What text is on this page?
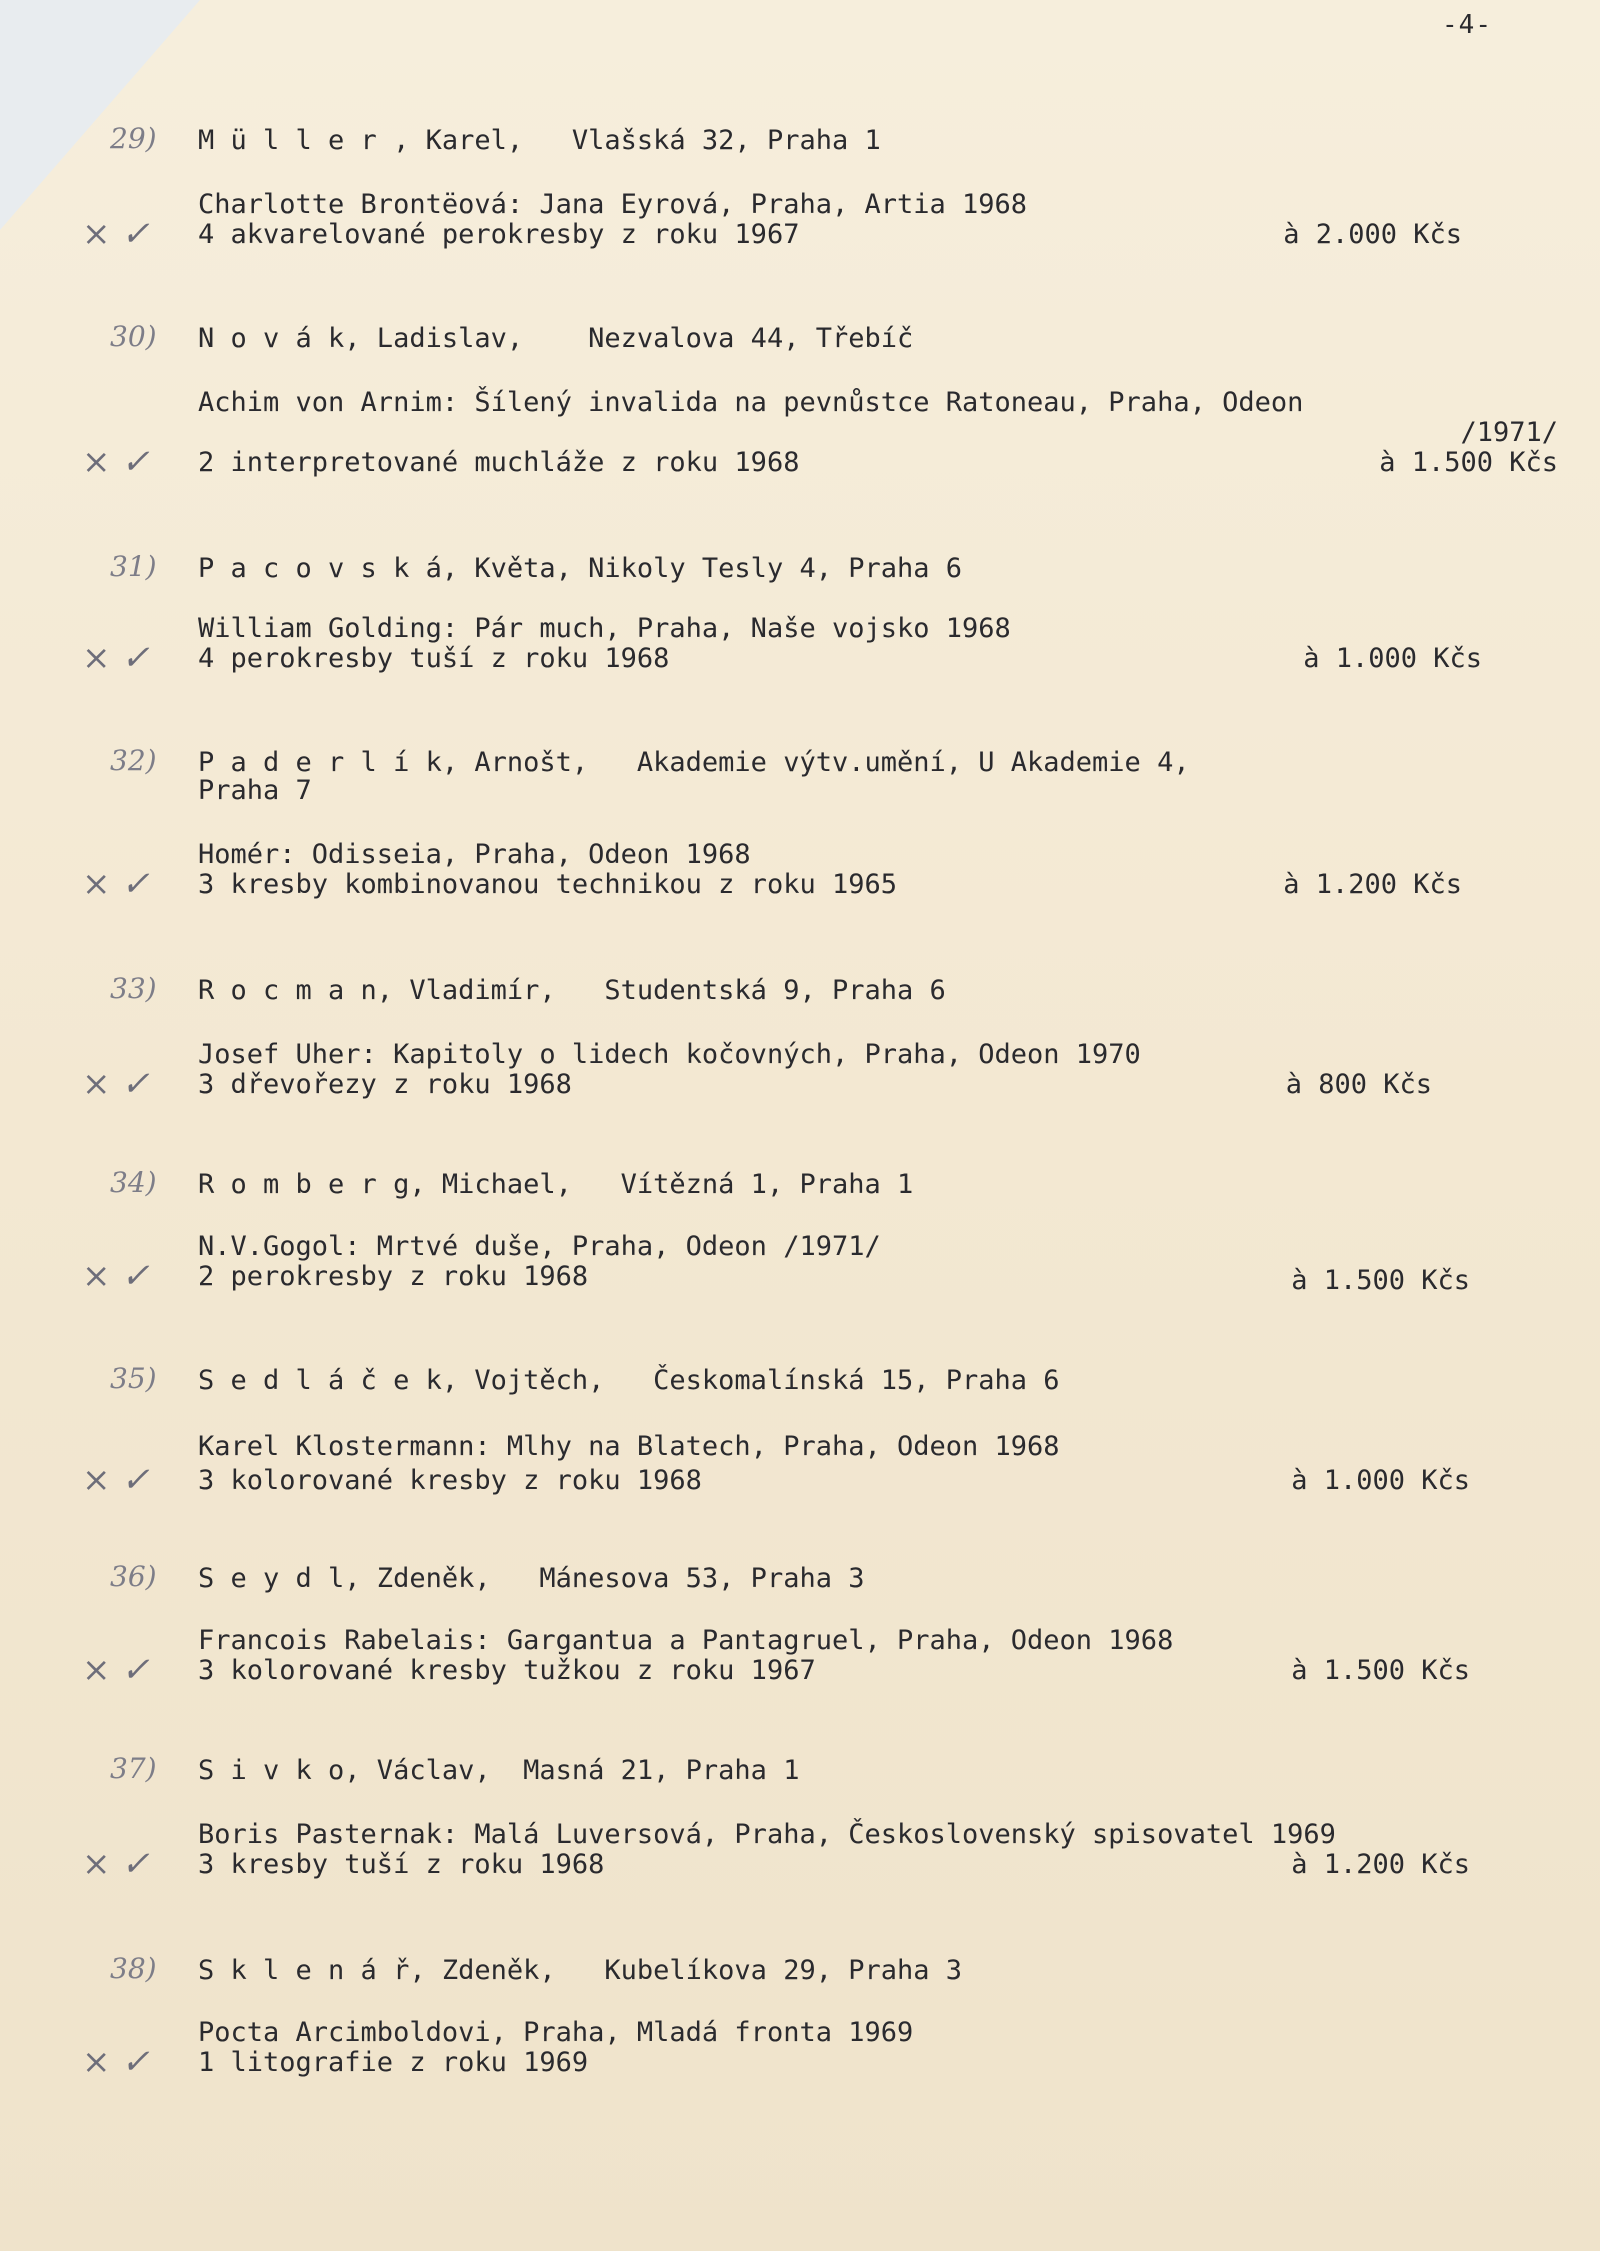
-4-
29) M ü l l e r , Karel,   Vlašská 32, Praha 1
Charlotte Brontëová: Jana Eyrová, Praha, Artia 1968
× ✓ 4 akvarelované perokresby z roku 1967	à 2.000 Kčs
30) N o v á k, Ladislav,    Nezvalova 44, Třebíč
Achim von Arnim: Šílený invalida na pevnůstce Ratoneau, Praha, Odeon
/1971/
× ✓ 2 interpretované muchláže z roku 1968	à 1.500 Kčs
31) P a c o v s k á, Květa, Nikoly Tesly 4, Praha 6
William Golding: Pár much, Praha, Naše vojsko 1968
× ✓ 4 perokresby tuší z roku 1968	à 1.000 Kčs
32) P a d e r l í k, Arnošt,   Akademie výtv.umění, U Akademie 4,
Praha 7
Homér: Odisseia, Praha, Odeon 1968
× ✓ 3 kresby kombinovanou technikou z roku 1965	à 1.200 Kčs
33) R o c m a n, Vladimír,   Studentská 9, Praha 6
Josef Uher: Kapitoly o lidech kočovných, Praha, Odeon 1970
× ✓ 3 dřevořezy z roku 1968	à 800 Kčs
34) R o m b e r g, Michael,   Vítězná 1, Praha 1
N.V.Gogol: Mrtvé duše, Praha, Odeon /1971/
× ✓ 2 perokresby z roku 1968	à 1.500 Kčs
35) S e d l á č e k, Vojtěch,   Českomalínská 15, Praha 6
Karel Klostermann: Mlhy na Blatech, Praha, Odeon 1968
× ✓ 3 kolorované kresby z roku 1968	à 1.000 Kčs
36) S e y d l, Zdeněk,   Mánesova 53, Praha 3
Francois Rabelais: Gargantua a Pantagruel, Praha, Odeon 1968
× ✓ 3 kolorované kresby tužkou z roku 1967	à 1.500 Kčs
37) S i v k o, Václav,  Masná 21, Praha 1
Boris Pasternak: Malá Luversová, Praha, Československý spisovatel 1969
× ✓ 3 kresby tuší z roku 1968	à 1.200 Kčs
38) S k l e n á ř, Zdeněk,   Kubelíkova 29, Praha 3
Pocta Arcimboldovi, Praha, Mladá fronta 1969
× ✓ 1 litografie z roku 1969
